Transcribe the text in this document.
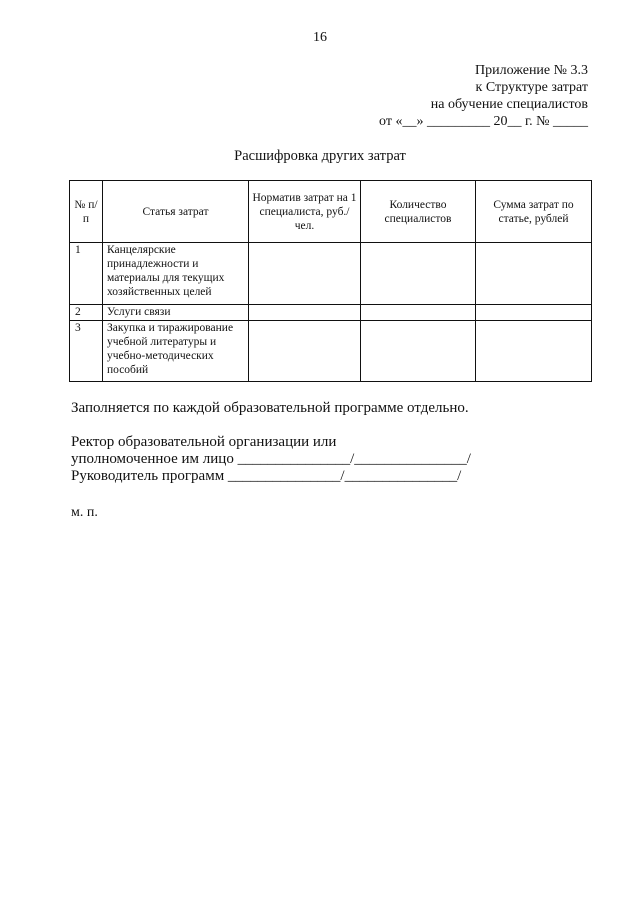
16
Приложение № 3.3
к Структуре затрат
на обучение специалистов
от «__» _________ 20__ г. № _____
Расшифровка других затрат
№ п/п	Статья затрат	Норматив затрат на 1 специалиста, руб./чел.	Количество специалистов	Сумма затрат по статье, рублей
1	Канцелярские принадлежности и материалы для текущих хозяйственных целей			
2	Услуги связи			
3	Закупка и тиражирование учебной литературы и учебно-методических пособий			
Заполняется по каждой образовательной программе отдельно.
Ректор образовательной организации или
уполномоченное им лицо _______________/_______________/
Руководитель программ _______________/_______________/
м. п.
